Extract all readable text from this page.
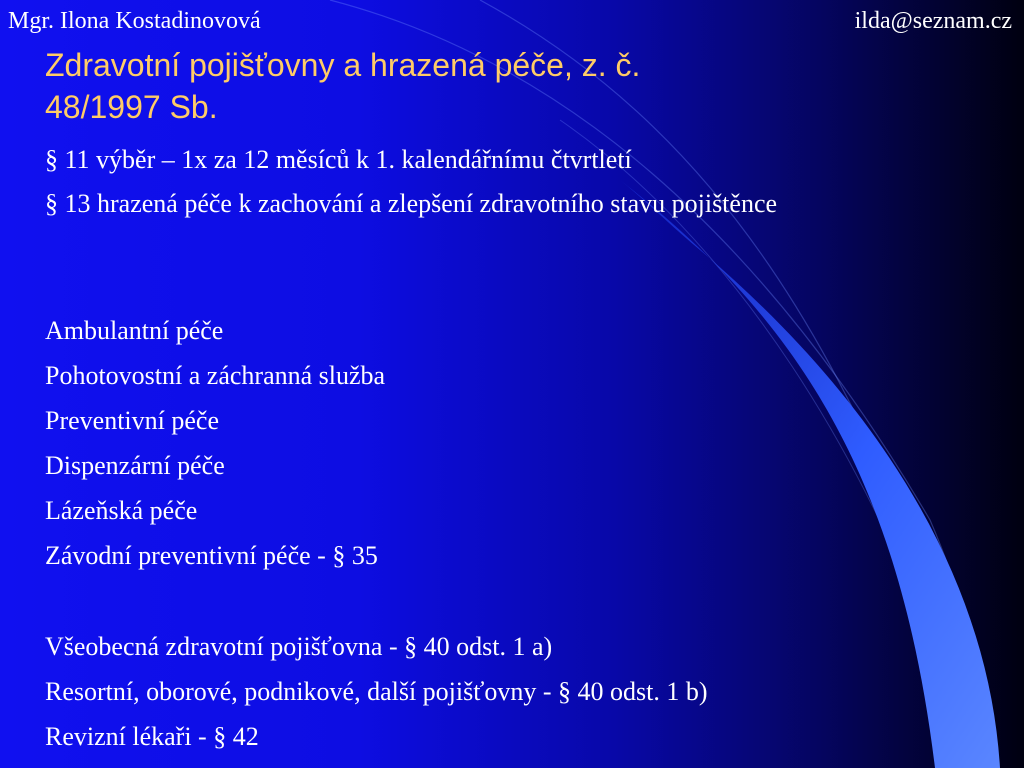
Mgr. Ilona Kostadinovová	ilda@seznam.cz
Zdravotní pojišťovny a hrazená péče, z. č.
48/1997 Sb.

§ 11 výběr – 1x za 12 měsíců k 1. kalendářnímu čtvrtletí

§ 13 hrazená péče k zachování a zlepšení zdravotního stavu pojištěnce

Ambulantní péče

Pohotovostní a záchranná služba

Preventivní péče

Dispenzární péče

Lázeňská péče

Závodní preventivní péče - § 35

Všeobecná zdravotní pojišťovna - § 40 odst. 1 a)

Resortní, oborové, podnikové, další pojišťovny - § 40 odst. 1 b)

Revizní lékaři - § 42
